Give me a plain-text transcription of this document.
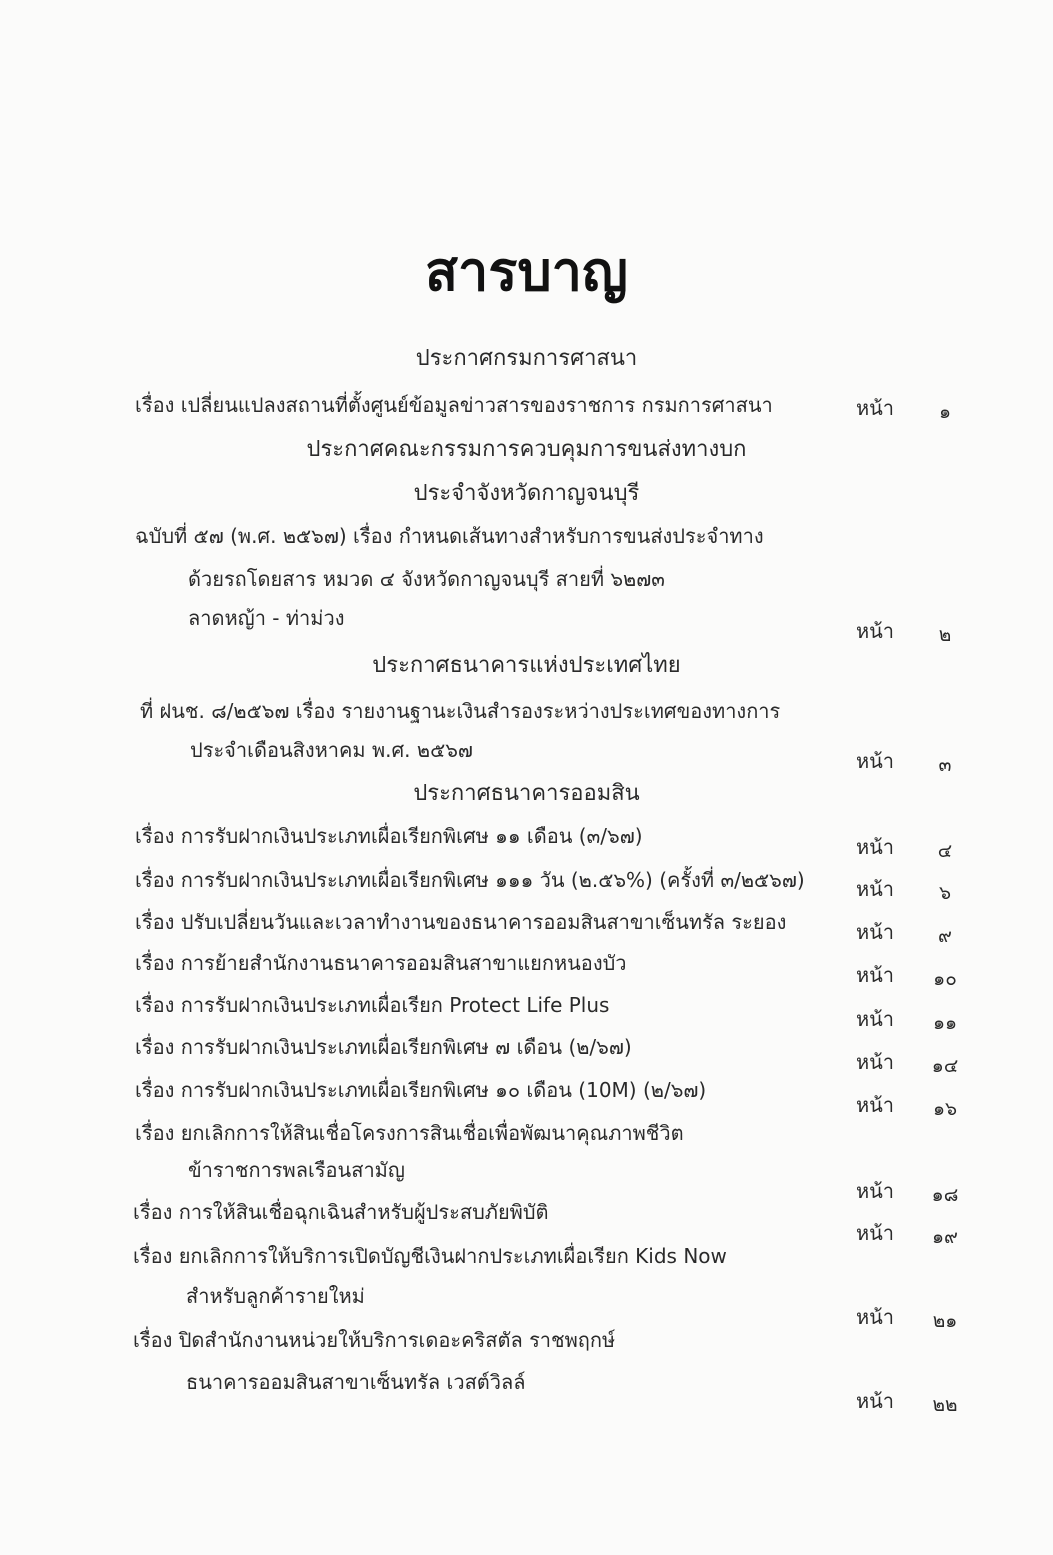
สารบาญ
ประกาศกรมการศาสนา
เรื่อง เปลี่ยนแปลงสถานที่ตั้งศูนย์ข้อมูลข่าวสารของราชการ กรมการศาสนา	หน้า	๑
ประกาศคณะกรรมการควบคุมการขนส่งทางบก
ประจำจังหวัดกาญจนบุรี
ฉบับที่ ๕๗ (พ.ศ. ๒๕๖๗) เรื่อง กำหนดเส้นทางสำหรับการขนส่งประจำทาง
ด้วยรถโดยสาร หมวด ๔ จังหวัดกาญจนบุรี สายที่ ๖๒๗๓
ลาดหญ้า - ท่าม่วง
หน้า	๒
ประกาศธนาคารแห่งประเทศไทย
ที่ ฝนช. ๘/๒๕๖๗ เรื่อง รายงานฐานะเงินสำรองระหว่างประเทศของทางการ
ประจำเดือนสิงหาคม พ.ศ. ๒๕๖๗	หน้า	๓
ประกาศธนาคารออมสิน
เรื่อง การรับฝากเงินประเภทเผื่อเรียกพิเศษ ๑๑ เดือน (๓/๖๗)	หน้า	๔
เรื่อง การรับฝากเงินประเภทเผื่อเรียกพิเศษ ๑๑๑ วัน (๒.๕๖%) (ครั้งที่ ๓/๒๕๖๗)	หน้า	๖
เรื่อง ปรับเปลี่ยนวันและเวลาทำงานของธนาคารออมสินสาขาเซ็นทรัล ระยอง	หน้า	๙
เรื่อง การย้ายสำนักงานธนาคารออมสินสาขาแยกหนองบัว	หน้า	๑๐
เรื่อง การรับฝากเงินประเภทเผื่อเรียก Protect Life Plus
หน้า	๑๑
เรื่อง การรับฝากเงินประเภทเผื่อเรียกพิเศษ ๗ เดือน (๒/๖๗)
หน้า	๑๔
เรื่อง การรับฝากเงินประเภทเผื่อเรียกพิเศษ ๑๐ เดือน (10M) (๒/๖๗)
หน้า	๑๖
เรื่อง ยกเลิกการให้สินเชื่อโครงการสินเชื่อเพื่อพัฒนาคุณภาพชีวิต
ข้าราชการพลเรือนสามัญ
หน้า	๑๘
เรื่อง การให้สินเชื่อฉุกเฉินสำหรับผู้ประสบภัยพิบัติ
หน้า	๑๙
เรื่อง ยกเลิกการให้บริการเปิดบัญชีเงินฝากประเภทเผื่อเรียก Kids Now
สำหรับลูกค้ารายใหม่
หน้า	๒๑
เรื่อง ปิดสำนักงานหน่วยให้บริการเดอะคริสตัล ราชพฤกษ์
ธนาคารออมสินสาขาเซ็นทรัล เวสต์วิลล์
หน้า	๒๒
